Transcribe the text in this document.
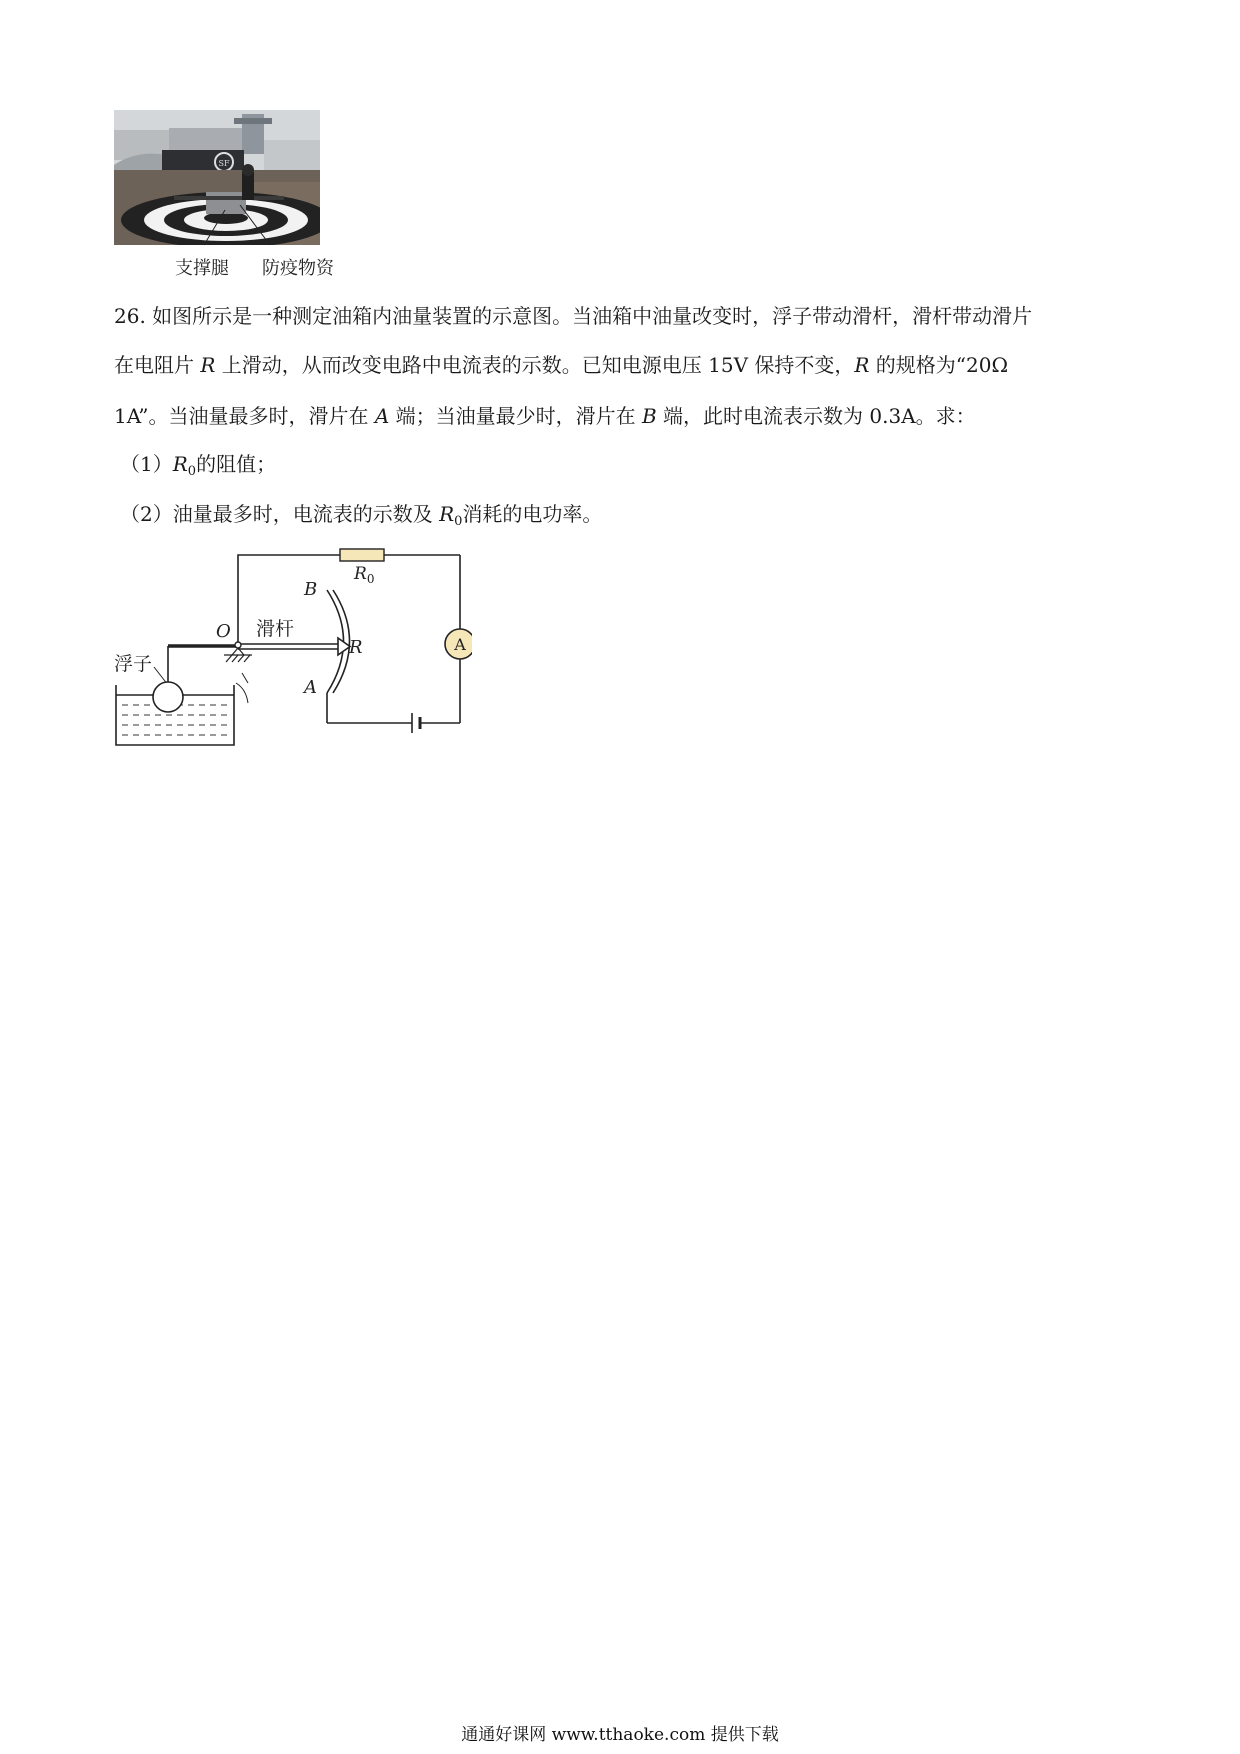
SF
支撑腿 防疫物资
26. 如图所示是一种测定油箱内油量装置的示意图。当油箱中油量改变时，浮子带动滑杆，滑杆带动滑片
在电阻片 R 上滑动，从而改变电路中电流表的示数。已知电源电压 15V 保持不变，R 的规格为“20Ω
1A”。当油量最多时，滑片在 A 端；当油量最少时，滑片在 B 端，此时电流表示数为 0.3A。求：
$(1)R_0$的阻值；
（2）油量最多时，电流表的示数及 $R_0$消耗的电功率。
A
$R_0$
B
A
R
O 滑杆
浮子
通通好课网 www.tthaoke.com 提供下载
